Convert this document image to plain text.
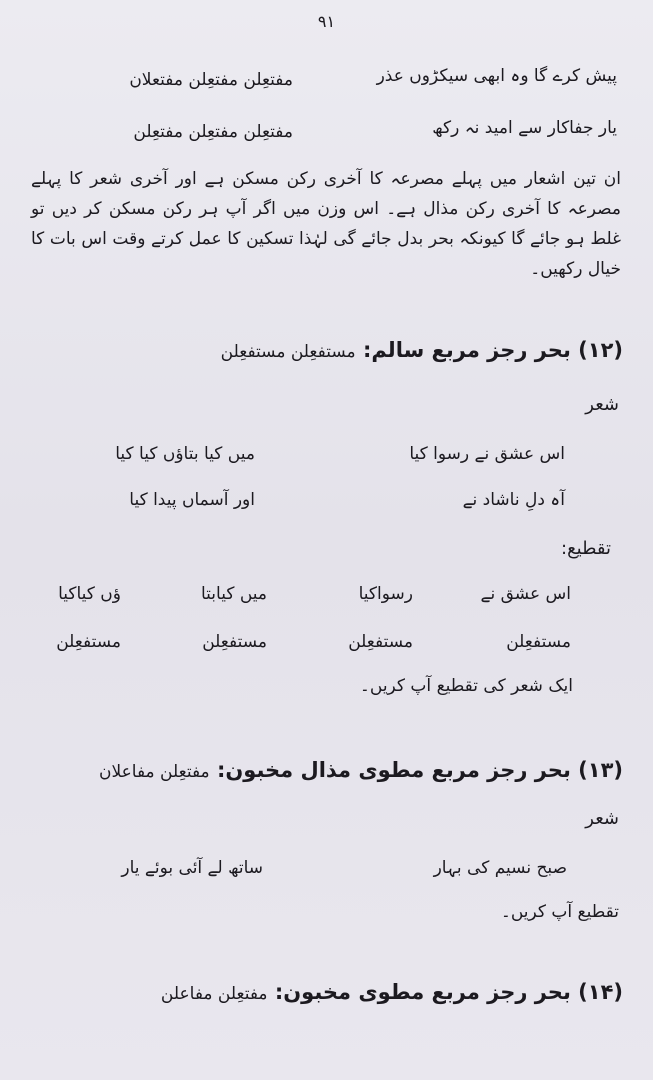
۹۱
پیش کرے گا وہ ابھی سیکڑوں عذر
مفتعِلن مفتعِلن مفتعلان
یار جفاکار سے امید نہ رکھ
مفتعِلن مفتعِلن مفتعِلن
ان تین اشعار میں پہلے مصرعہ کا آخری رکن مسکن ہے اور آخری شعر کا پہلے مصرعہ کا آخری رکن مذال ہے۔ اس وزن میں اگر آپ ہر رکن مسکن کر دیں تو غلط ہو جائے گا کیونکہ بحر بدل جائے گی لہٰذا تسکین کا عمل کرتے وقت اس بات کا خیال رکھیں۔
(۱۲) بحر رجز مربع سالم: مستفعِلن مستفعِلن
شعر
اس عشق نے رسوا کیا
میں کیا بتاؤں کیا کیا
آہ دلِ ناشاد نے
اور آسماں پیدا کیا
تقطیع:
اس عشق نے
رسواکیا
میں کیابتا
ؤں کیاکیا
مستفعِلن
مستفعِلن
مستفعِلن
مستفعِلن
ایک شعر کی تقطیع آپ کریں۔
(۱۳) بحر رجز مربع مطوی مذال مخبون: مفتعِلن مفاعلان
شعر
صبح نسیم کی بہار
ساتھ لے آئی بوئے یار
تقطیع آپ کریں۔
(۱۴) بحر رجز مربع مطوی مخبون: مفتعِلن مفاعلن
